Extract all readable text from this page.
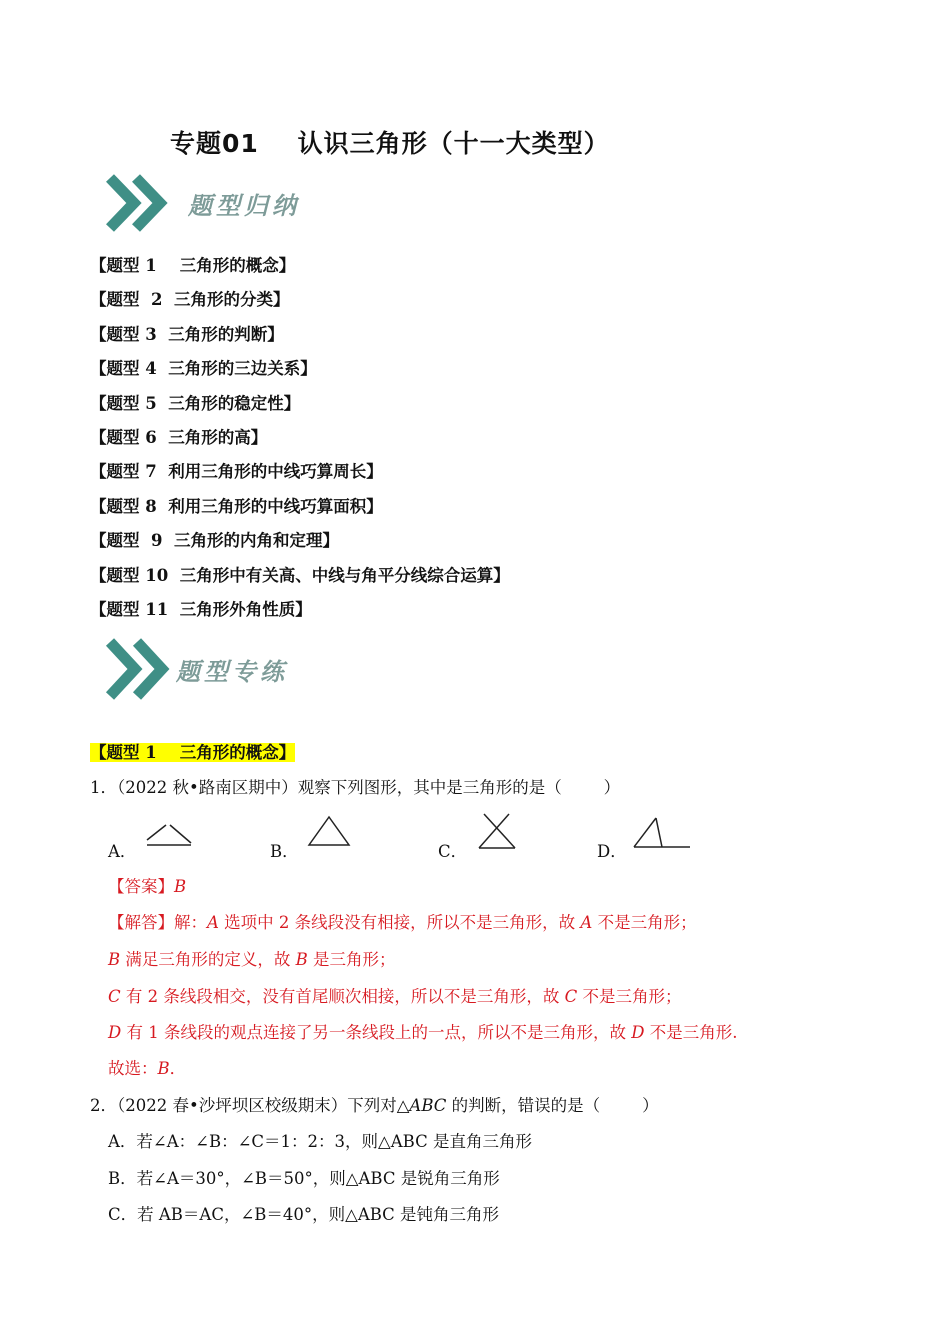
专题01    认识三角形（十一大类型）
题型归纳
【题型 1    三角形的概念】
【题型  2  三角形的分类】
【题型 3  三角形的判断】
【题型 4  三角形的三边关系】
【题型 5  三角形的稳定性】
【题型 6  三角形的高】
【题型 7  利用三角形的中线巧算周长】
【题型 8  利用三角形的中线巧算面积】
【题型  9  三角形的内角和定理】
【题型 10  三角形中有关高、中线与角平分线综合运算】
【题型 11  三角形外角性质】
题型专练
【题型 1    三角形的概念】
1．（2022 秋•路南区期中）观察下列图形，其中是三角形的是（        ）
A．	B．	C．	D．
【答案】B
【解答】解：A 选项中 2 条线段没有相接，所以不是三角形，故 A 不是三角形；
B 满足三角形的定义，故 B 是三角形；
C 有 2 条线段相交，没有首尾顺次相接，所以不是三角形，故 C 不是三角形；
D 有 1 条线段的观点连接了另一条线段上的一点，所以不是三角形，故 D 不是三角形.
故选：B．
2．（2022 春•沙坪坝区校级期末）下列对△ABC 的判断，错误的是（        ）
A．若∠A：∠B：∠C＝1：2：3，则△ABC 是直角三角形
B．若∠A＝30°，∠B＝50°，则△ABC 是锐角三角形
C．若 AB＝AC，∠B＝40°，则△ABC 是钝角三角形
